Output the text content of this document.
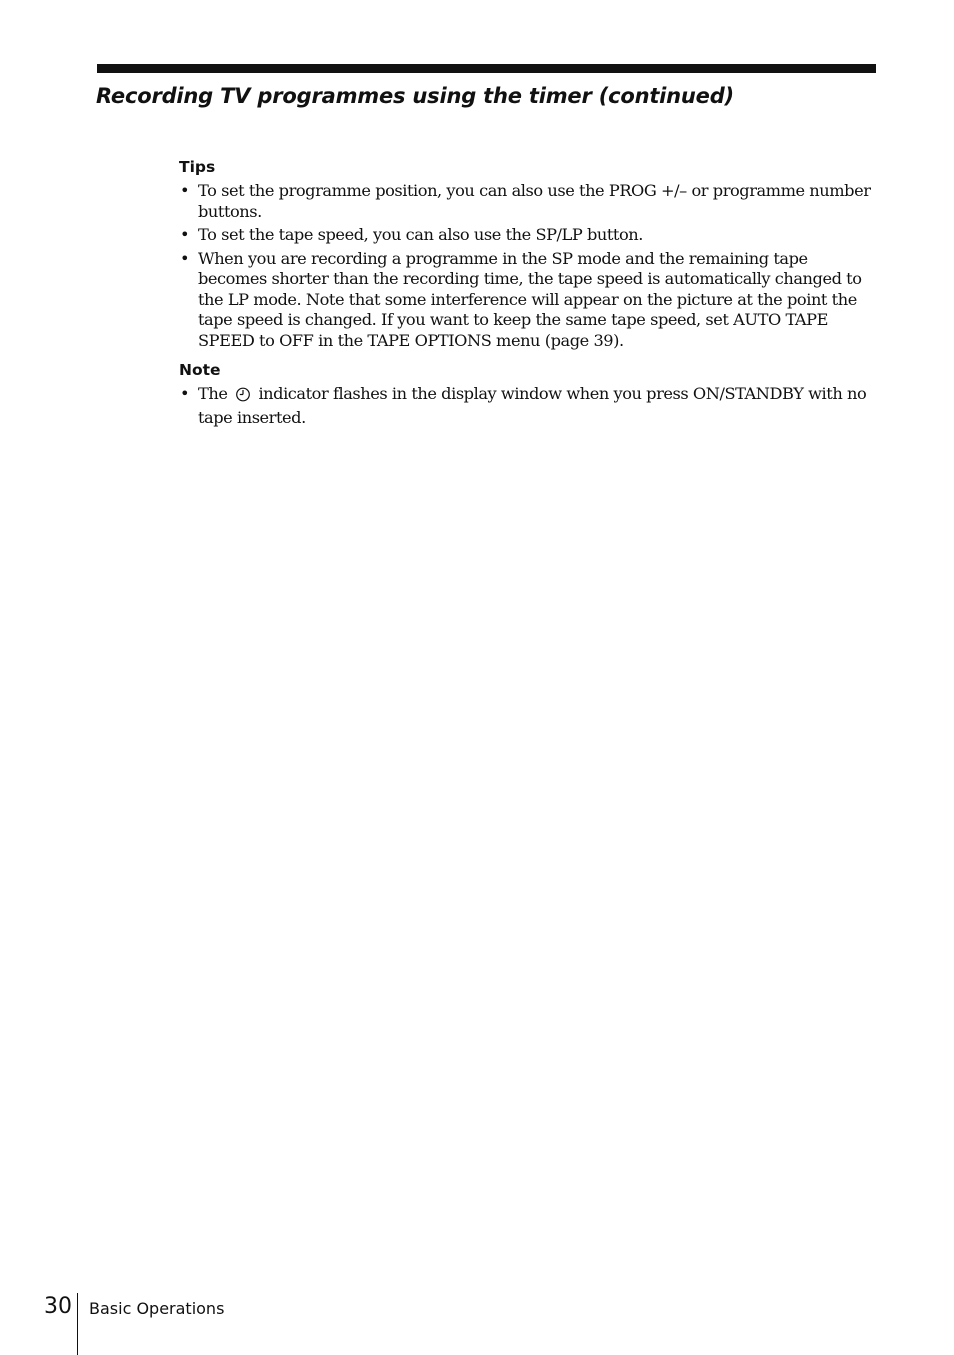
Recording TV programmes using the timer (continued)
Tips
• To set the programme position, you can also use the PROG +/– or programme number buttons.
• To set the tape speed, you can also use the SP/LP button.
• When you are recording a programme in the SP mode and the remaining tape becomes shorter than the recording time, the tape speed is automatically changed to the LP mode. Note that some interference will appear on the picture at the point the tape speed is changed. If you want to keep the same tape speed, set AUTO TAPE SPEED to OFF in the TAPE OPTIONS menu (page 39).
Note
• The indicator flashes in the display window when you press ON/STANDBY with no tape inserted.
30 Basic Operations
